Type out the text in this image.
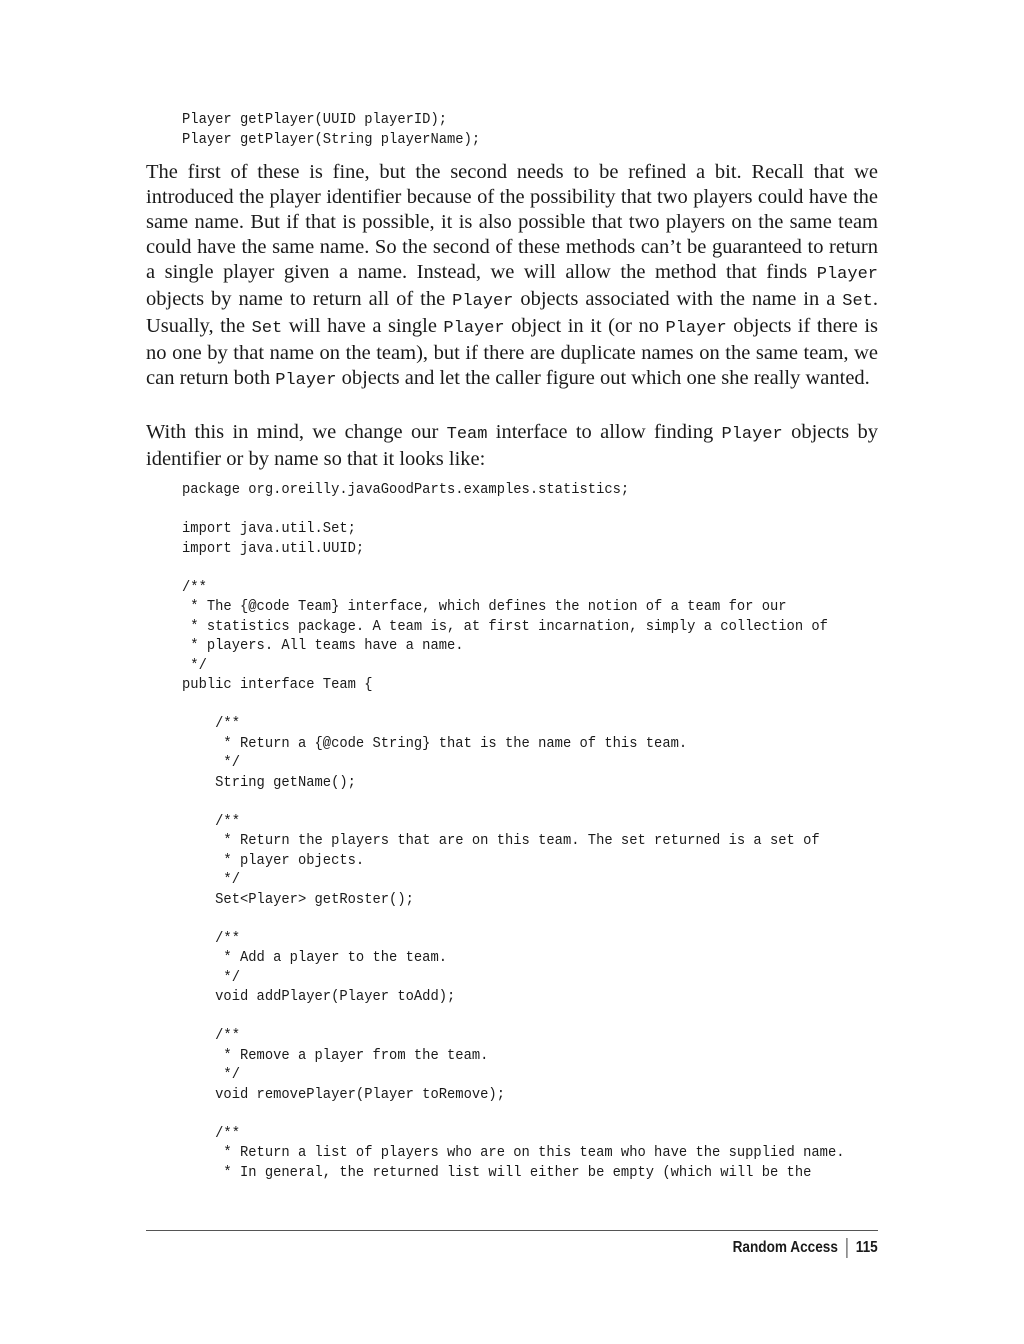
Player getPlayer(UUID playerID);
Player getPlayer(String playerName);

The first of these is fine, but the second needs to be refined a bit. Recall that we introduced the player identifier because of the possibility that two players could have the same name. But if that is possible, it is also possible that two players on the same team could have the same name. So the second of these methods can’t be guaranteed to return a single player given a name. Instead, we will allow the method that finds Player objects by name to return all of the Player objects associated with the name in a Set. Usually, the Set will have a single Player object in it (or no Player objects if there is no one by that name on the team), but if there are duplicate names on the same team, we can return both Player objects and let the caller figure out which one she really wanted.

With this in mind, we change our Team interface to allow finding Player objects by identifier or by name so that it looks like:

package org.oreilly.javaGoodParts.examples.statistics;

import java.util.Set;
import java.util.UUID;

/**
* The {@code Team} interface, which defines the notion of a team for our
* statistics package. A team is, at first incarnation, simply a collection of
* players. All teams have a name.
*/
public interface Team {

/**
* Return a {@code String} that is the name of this team.
*/
String getName();

/**
* Return the players that are on this team. The set returned is a set of
* player objects.
*/
Set<Player> getRoster();

/**
* Add a player to the team.
*/
void addPlayer(Player toAdd);

/**
* Remove a player from the team.
*/
void removePlayer(Player toRemove);

/**
* Return a list of players who are on this team who have the supplied name.
* In general, the returned list will either be empty (which will be the
Random Access 115
